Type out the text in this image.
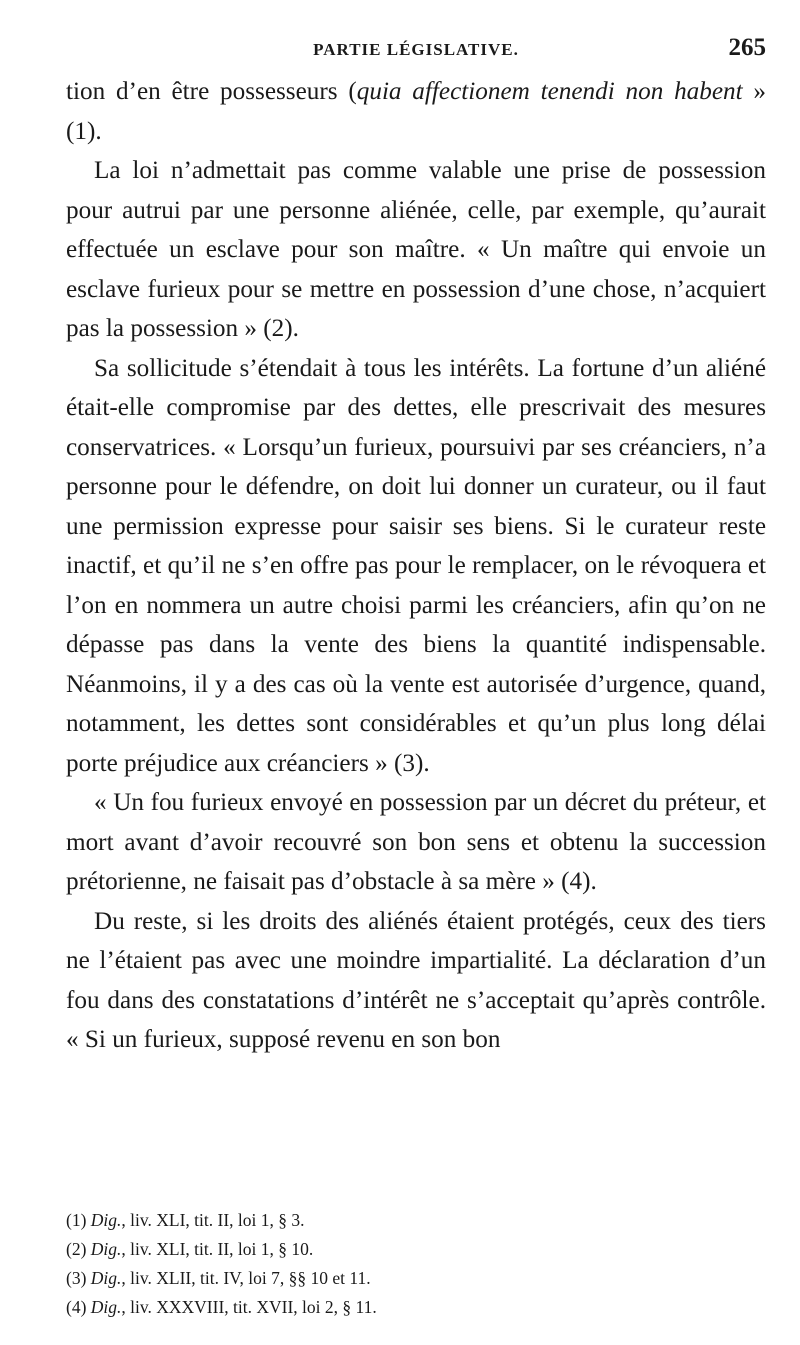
PARTIE LÉGISLATIVE.	265

tion d’en être possesseurs (quia affectionem tenendi non habent » (1).

La loi n’admettait pas comme valable une prise de possession pour autrui par une personne aliénée, celle, par exemple, qu’aurait effectuée un esclave pour son maître. « Un maître qui envoie un esclave furieux pour se mettre en possession d’une chose, n’acquiert pas la possession » (2).

Sa sollicitude s’étendait à tous les intérêts. La fortune d’un aliéné était-elle compromise par des dettes, elle prescrivait des mesures conservatrices. « Lorsqu’un furieux, poursuivi par ses créanciers, n’a personne pour le défendre, on doit lui donner un curateur, ou il faut une permission expresse pour saisir ses biens. Si le curateur reste inactif, et qu’il ne s’en offre pas pour le remplacer, on le révoquera et l’on en nommera un autre choisi parmi les créanciers, afin qu’on ne dépasse pas dans la vente des biens la quantité indispensable. Néanmoins, il y a des cas où la vente est autorisée d’urgence, quand, notamment, les dettes sont considérables et qu’un plus long délai porte préjudice aux créanciers » (3).

« Un fou furieux envoyé en possession par un décret du préteur, et mort avant d’avoir recouvré son bon sens et obtenu la succession prétorienne, ne faisait pas d’obstacle à sa mère » (4).

Du reste, si les droits des aliénés étaient protégés, ceux des tiers ne l’étaient pas avec une moindre impartialité. La déclaration d’un fou dans des constatations d’intérêt ne s’acceptait qu’après contrôle. « Si un furieux, supposé revenu en son bon

(1) Dig., liv. XLI, tit. II, loi 1, § 3.

(2) Dig., liv. XLI, tit. II, loi 1, § 10.

(3) Dig., liv. XLII, tit. IV, loi 7, §§ 10 et 11.

(4) Dig., liv. XXXVIII, tit. XVII, loi 2, § 11.
